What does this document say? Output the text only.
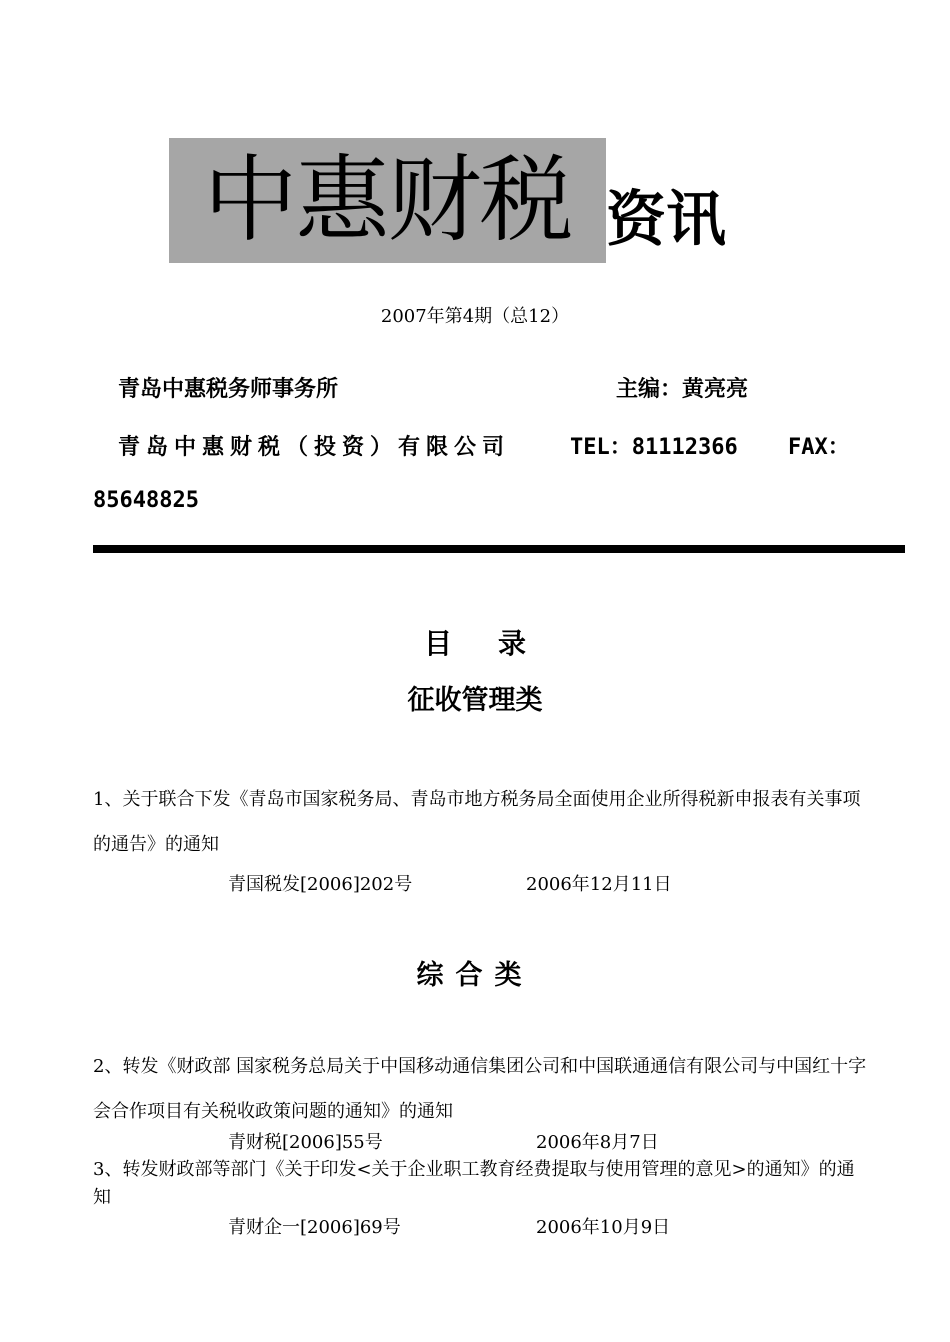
中惠财税 资讯
2007年第4期（总12）
青岛中惠税务师事务所	主编：黄亮亮
青岛中惠财税（投资）有限公司	TEL：81112366 FAX：
85648825
目 录
征收管理类
1、关于联合下发《青岛市国家税务局、青岛市地方税务局全面使用企业所得税新申报表有关事项的通告》的通知
青国税发[2006]202号	2006年12月11日
综合类
2、转发《财政部 国家税务总局关于中国移动通信集团公司和中国联通通信有限公司与中国红十字会合作项目有关税收政策问题的通知》的通知
青财税[2006]55号	2006年8月7日
3、转发财政部等部门《关于印发<关于企业职工教育经费提取与使用管理的意见>的通知》的通知
青财企一[2006]69号	2006年10月9日
